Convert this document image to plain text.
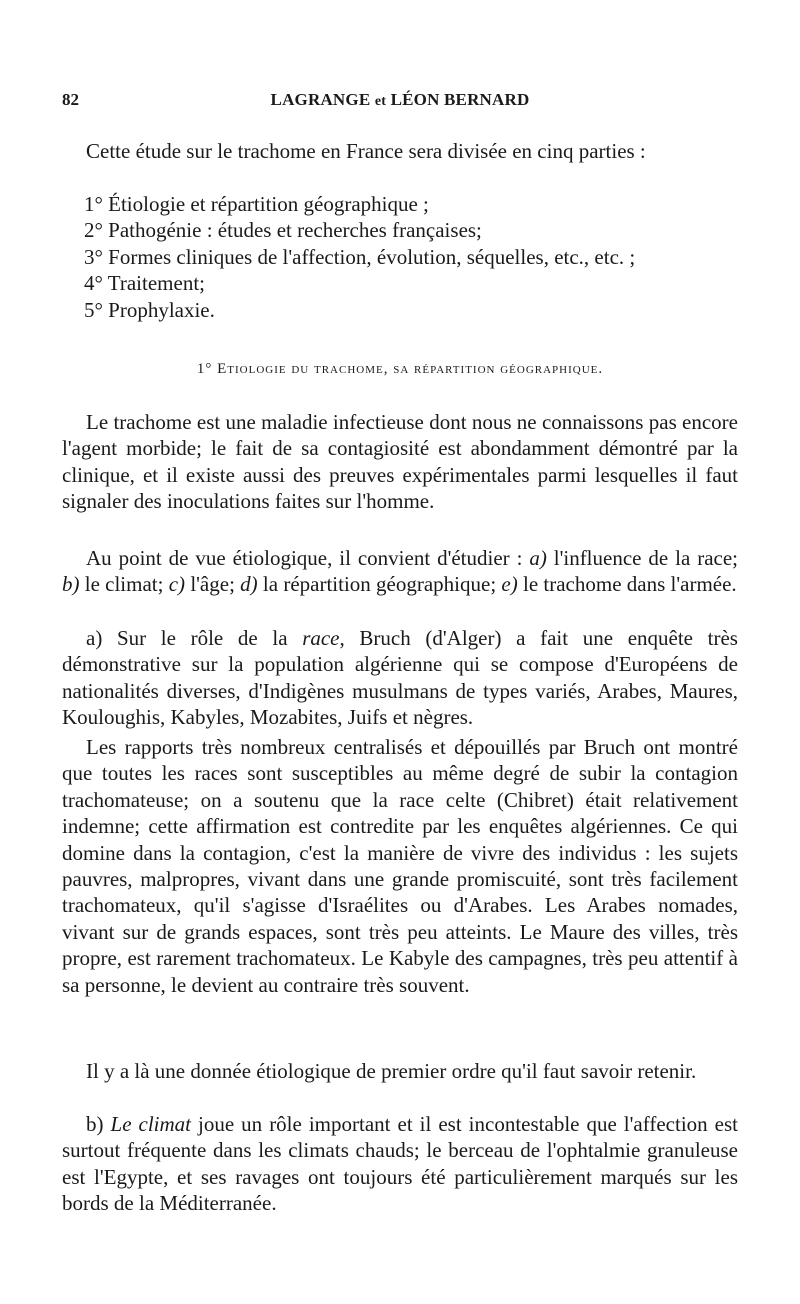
82	LAGRANGE et LÉON BERNARD

Cette étude sur le trachome en France sera divisée en cinq parties :

1° Étiologie et répartition géographique ;
2° Pathogénie : études et recherches françaises;
3° Formes cliniques de l'affection, évolution, séquelles, etc., etc. ;
4° Traitement;
5° Prophylaxie.
1° Etiologie du trachome, sa répartition géographique.

Le trachome est une maladie infectieuse dont nous ne connaissons pas encore l'agent morbide; le fait de sa contagiosité est abondamment démontré par la clinique, et il existe aussi des preuves expérimentales parmi lesquelles il faut signaler des inoculations faites sur l'homme.

Au point de vue étiologique, il convient d'étudier : a) l'influence de la race; b) le climat; c) l'âge; d) la répartition géographique; e) le trachome dans l'armée.

a) Sur le rôle de la race, Bruch (d'Alger) a fait une enquête très démonstrative sur la population algérienne qui se compose d'Européens de nationalités diverses, d'Indigènes musulmans de types variés, Arabes, Maures, Kouloughis, Kabyles, Mozabites, Juifs et nègres.

Les rapports très nombreux centralisés et dépouillés par Bruch ont montré que toutes les races sont susceptibles au même degré de subir la contagion trachomateuse; on a soutenu que la race celte (Chibret) était relativement indemne; cette affirmation est contredite par les enquêtes algériennes. Ce qui domine dans la contagion, c'est la manière de vivre des individus : les sujets pauvres, malpropres, vivant dans une grande promiscuité, sont très facilement trachomateux, qu'il s'agisse d'Israélites ou d'Arabes. Les Arabes nomades, vivant sur de grands espaces, sont très peu atteints. Le Maure des villes, très propre, est rarement trachomateux. Le Kabyle des campagnes, très peu attentif à sa personne, le devient au contraire très souvent.

Il y a là une donnée étiologique de premier ordre qu'il faut savoir retenir.

b) Le climat joue un rôle important et il est incontestable que l'affection est surtout fréquente dans les climats chauds; le berceau de l'ophtalmie granuleuse est l'Egypte, et ses ravages ont toujours été particulièrement marqués sur les bords de la Méditerranée.
